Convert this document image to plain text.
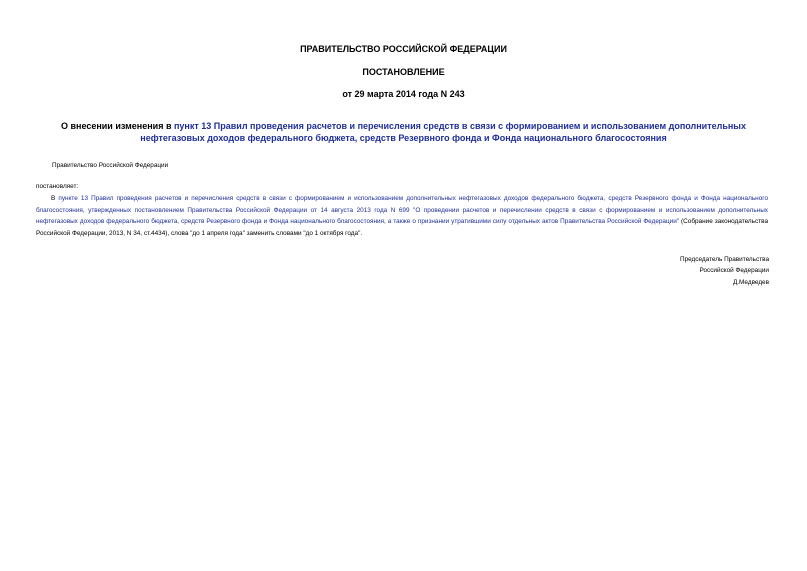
ПРАВИТЕЛЬСТВО РОССИЙСКОЙ ФЕДЕРАЦИИ
ПОСТАНОВЛЕНИЕ
от 29 марта 2014 года N 243
О внесении изменения в пункт 13 Правил проведения расчетов и перечисления средств в связи с формированием и использованием дополнительных нефтегазовых доходов федерального бюджета, средств Резервного фонда и Фонда национального благосостояния
Правительство Российской Федерации
постановляет:
В пункте 13 Правил проведения расчетов и перечисления средств в связи с формированием и использованием дополнительных нефтегазовых доходов федерального бюджета, средств Резервного фонда и Фонда национального благосостояния, утвержденных постановлением Правительства Российской Федерации от 14 августа 2013 года N 699 "О проведении расчетов и перечислении средств в связи с формированием и использованием дополнительных нефтегазовых доходов федерального бюджета, средств Резервного фонда и Фонда национального благосостояния, а также о признании утратившими силу отдельных актов Правительства Российской Федерации" (Собрание законодательства Российской Федерации, 2013, N 34, ст.4434), слова "до 1 апреля года" заменить словами "до 1 октября года".
Председатель Правительства
Российской Федерации
Д.Медведев
